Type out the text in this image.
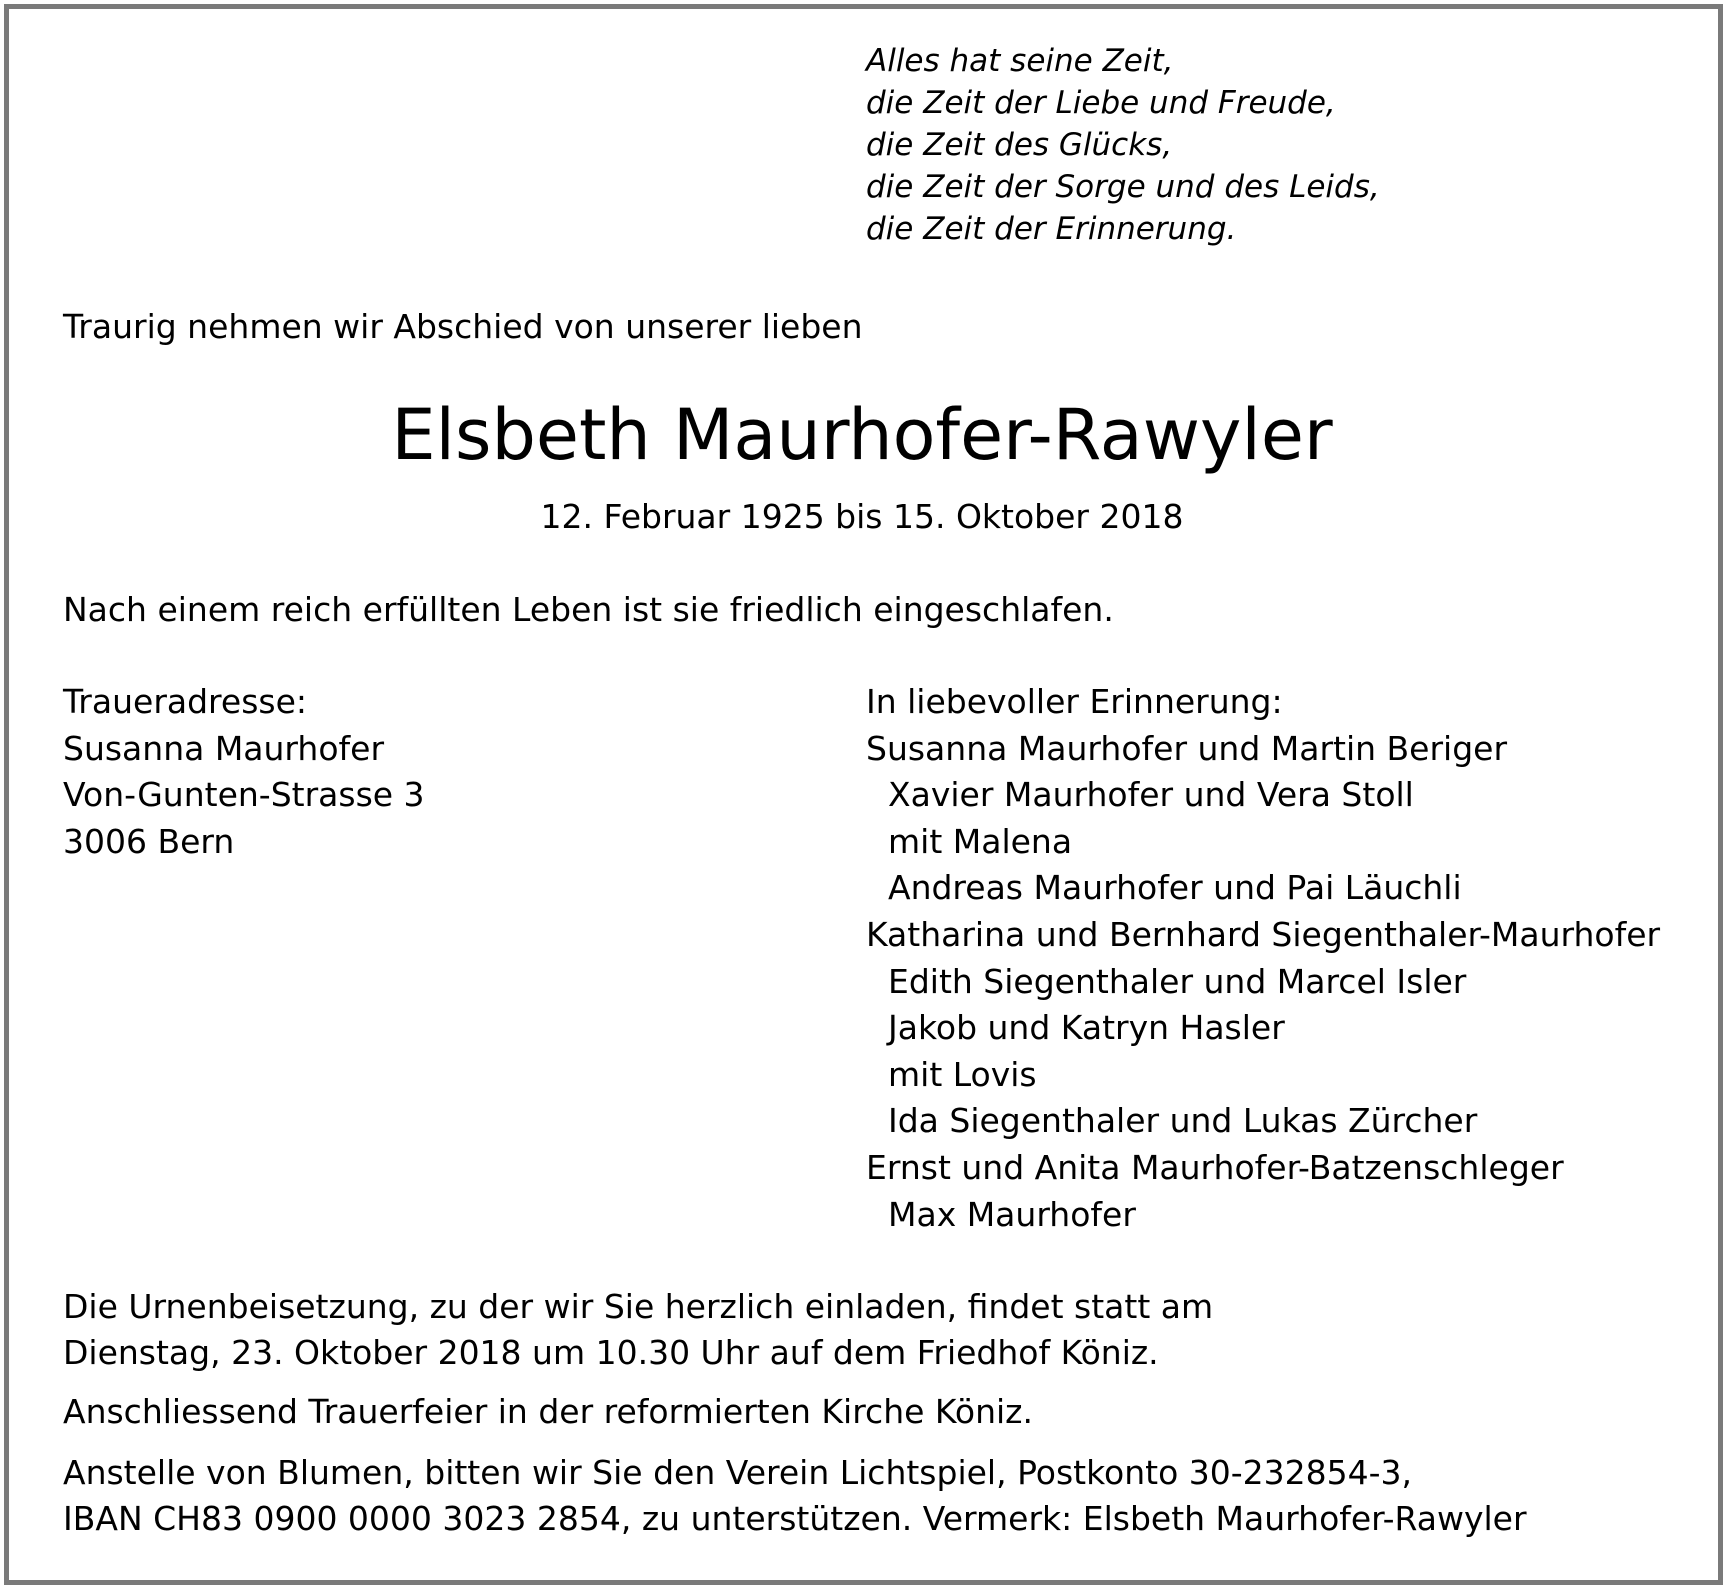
Alles hat seine Zeit,
die Zeit der Liebe und Freude,
die Zeit des Glücks,
die Zeit der Sorge und des Leids,
die Zeit der Erinnerung.
Traurig nehmen wir Abschied von unserer lieben
Elsbeth Maurhofer-Rawyler
12. Februar 1925 bis 15. Oktober 2018
Nach einem reich erfüllten Leben ist sie friedlich eingeschlafen.
Traueradresse:
Susanna Maurhofer
Von-Gunten-Strasse 3
3006 Bern
In liebevoller Erinnerung:
Susanna Maurhofer und Martin Beriger
Xavier Maurhofer und Vera Stoll
mit Malena
Andreas Maurhofer und Pai Läuchli
Katharina und Bernhard Siegenthaler-Maurhofer
Edith Siegenthaler und Marcel Isler
Jakob und Katryn Hasler
mit Lovis
Ida Siegenthaler und Lukas Zürcher
Ernst und Anita Maurhofer-Batzenschleger
Max Maurhofer
Die Urnenbeisetzung, zu der wir Sie herzlich einladen, findet statt am
Dienstag, 23. Oktober 2018 um 10.30 Uhr auf dem Friedhof Köniz.
Anschliessend Trauerfeier in der reformierten Kirche Köniz.
Anstelle von Blumen, bitten wir Sie den Verein Lichtspiel, Postkonto 30-232854-3,
IBAN CH83 0900 0000 3023 2854, zu unterstützen. Vermerk: Elsbeth Maurhofer-Rawyler
